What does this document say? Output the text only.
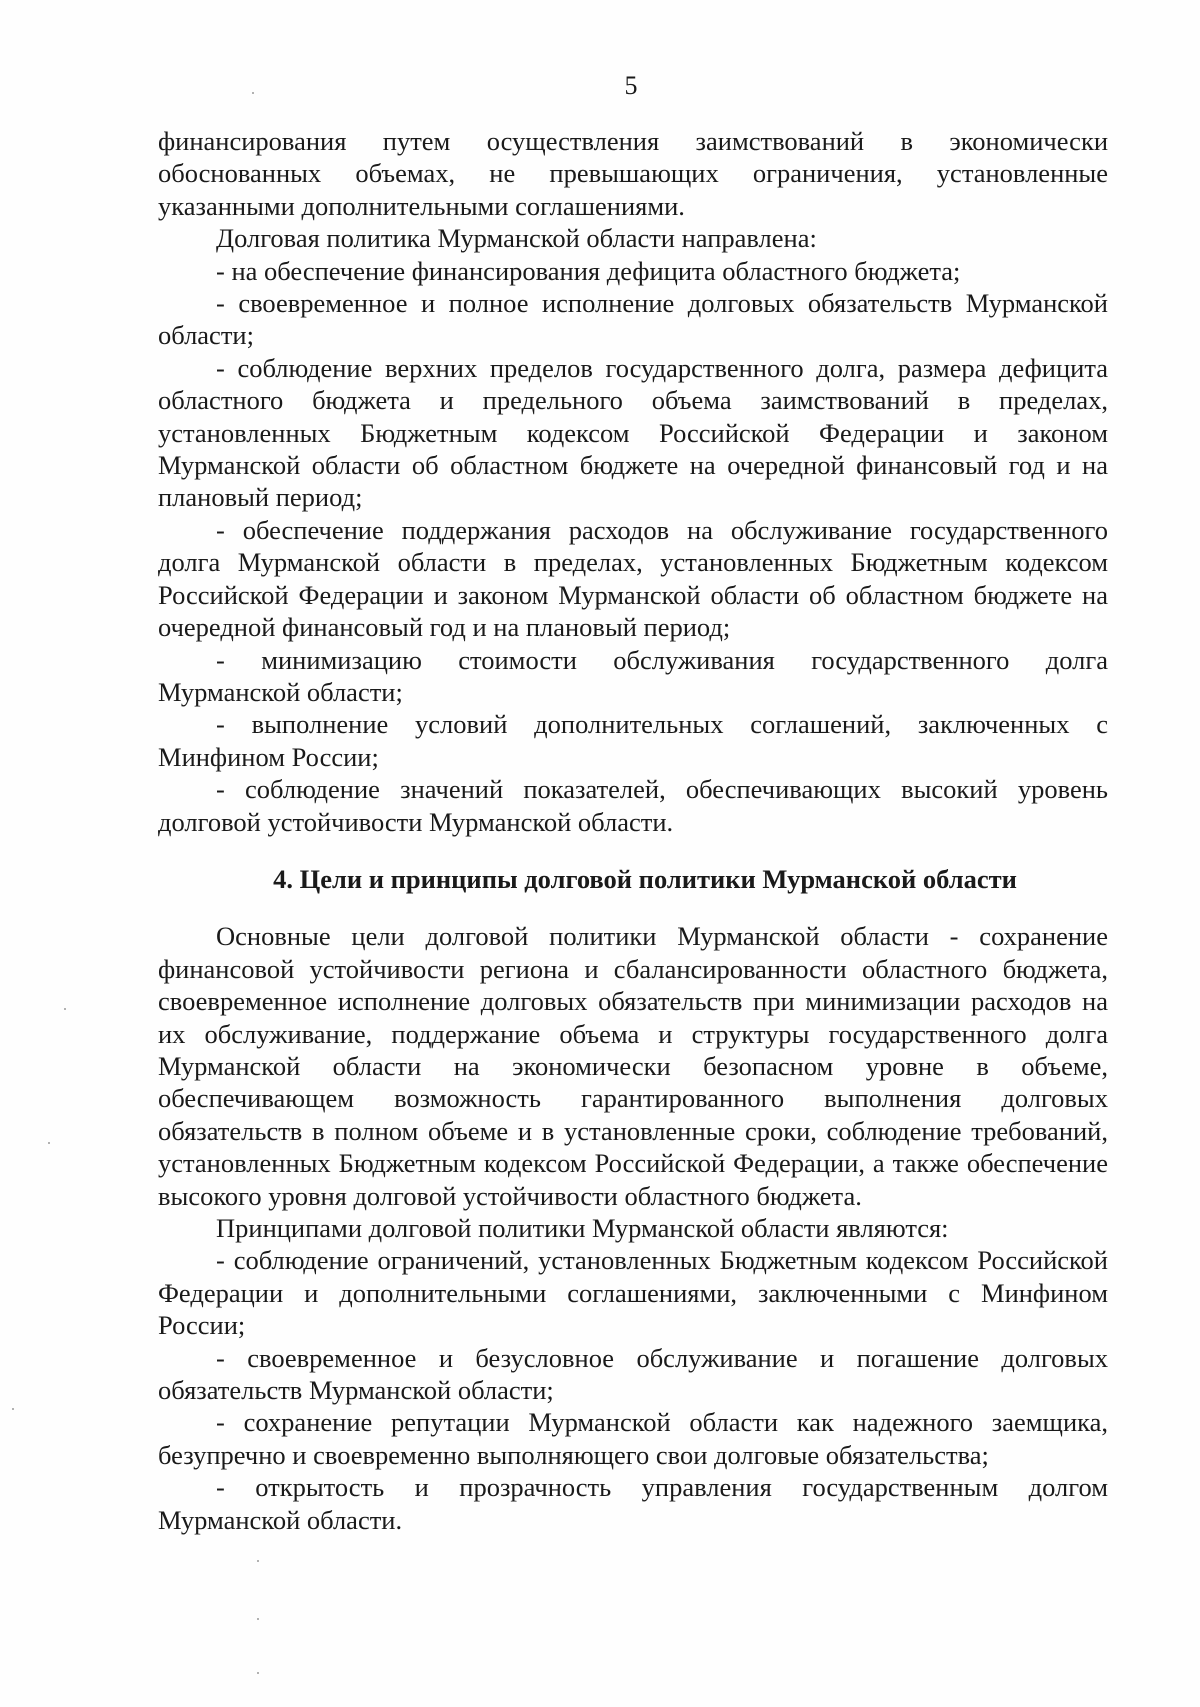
5

финансирования путем осуществления заимствований в экономически обоснованных объемах, не превышающих ограничения, установленные указанными дополнительными соглашениями.

Долговая политика Мурманской области направлена:

- на обеспечение финансирования дефицита областного бюджета;

- своевременное и полное исполнение долговых обязательств Мурманской области;

- соблюдение верхних пределов государственного долга, размера дефицита областного бюджета и предельного объема заимствований в пределах, установленных Бюджетным кодексом Российской Федерации и законом Мурманской области об областном бюджете на очередной финансовый год и на плановый период;

- обеспечение поддержания расходов на обслуживание государственного долга Мурманской области в пределах, установленных Бюджетным кодексом Российской Федерации и законом Мурманской области об областном бюджете на очередной финансовый год и на плановый период;

- минимизацию стоимости обслуживания государственного долга Мурманской области;

- выполнение условий дополнительных соглашений, заключенных с Минфином России;

- соблюдение значений показателей, обеспечивающих высокий уровень долговой устойчивости Мурманской области.

4. Цели и принципы долговой политики Мурманской области

Основные цели долговой политики Мурманской области - сохранение финансовой устойчивости региона и сбалансированности областного бюджета, своевременное исполнение долговых обязательств при минимизации расходов на их обслуживание, поддержание объема и структуры государственного долга Мурманской области на экономически безопасном уровне в объеме, обеспечивающем возможность гарантированного выполнения долговых обязательств в полном объеме и в установленные сроки, соблюдение требований, установленных Бюджетным кодексом Российской Федерации, а также обеспечение высокого уровня долговой устойчивости областного бюджета.

Принципами долговой политики Мурманской области являются:

- соблюдение ограничений, установленных Бюджетным кодексом Российской Федерации и дополнительными соглашениями, заключенными с Минфином России;

- своевременное и безусловное обслуживание и погашение долговых обязательств Мурманской области;

- сохранение репутации Мурманской области как надежного заемщика, безупречно и своевременно выполняющего свои долговые обязательства;

- открытость и прозрачность управления государственным долгом Мурманской области.
